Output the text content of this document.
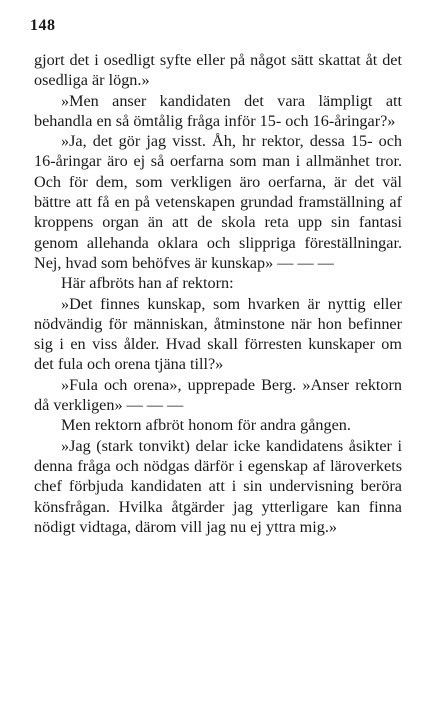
148

gjort det i osedligt syfte eller på något sätt skattat åt det osedliga är lögn.»

»Men anser kandidaten det vara lämpligt att behandla en så ömtålig fråga inför 15- och 16-åringar?»

»Ja, det gör jag visst. Åh, hr rektor, dessa 15- och 16-åringar äro ej så oerfarna som man i allmänhet tror. Och för dem, som verkligen äro oerfarna, är det väl bättre att få en på vetenskapen grundad framställning af kroppens organ än att de skola reta upp sin fantasi genom allehanda oklara och slippriga föreställningar. Nej, hvad som behöfves är kunskap» — — —

Här afbröts han af rektorn:

»Det finnes kunskap, som hvarken är nyttig eller nödvändig för människan, åtminstone när hon befinner sig i en viss ålder. Hvad skall förresten kunskaper om det fula och orena tjäna till?»

»Fula och orena», upprepade Berg. »Anser rektorn då verkligen» — — —

Men rektorn afbröt honom för andra gången.

»Jag (stark tonvikt) delar icke kandidatens åsikter i denna fråga och nödgas därför i egenskap af läroverkets chef förbjuda kandidaten att i sin undervisning beröra könsfrågan. Hvilka åtgärder jag ytterligare kan finna nödigt vidtaga, därom vill jag nu ej yttra mig.»
